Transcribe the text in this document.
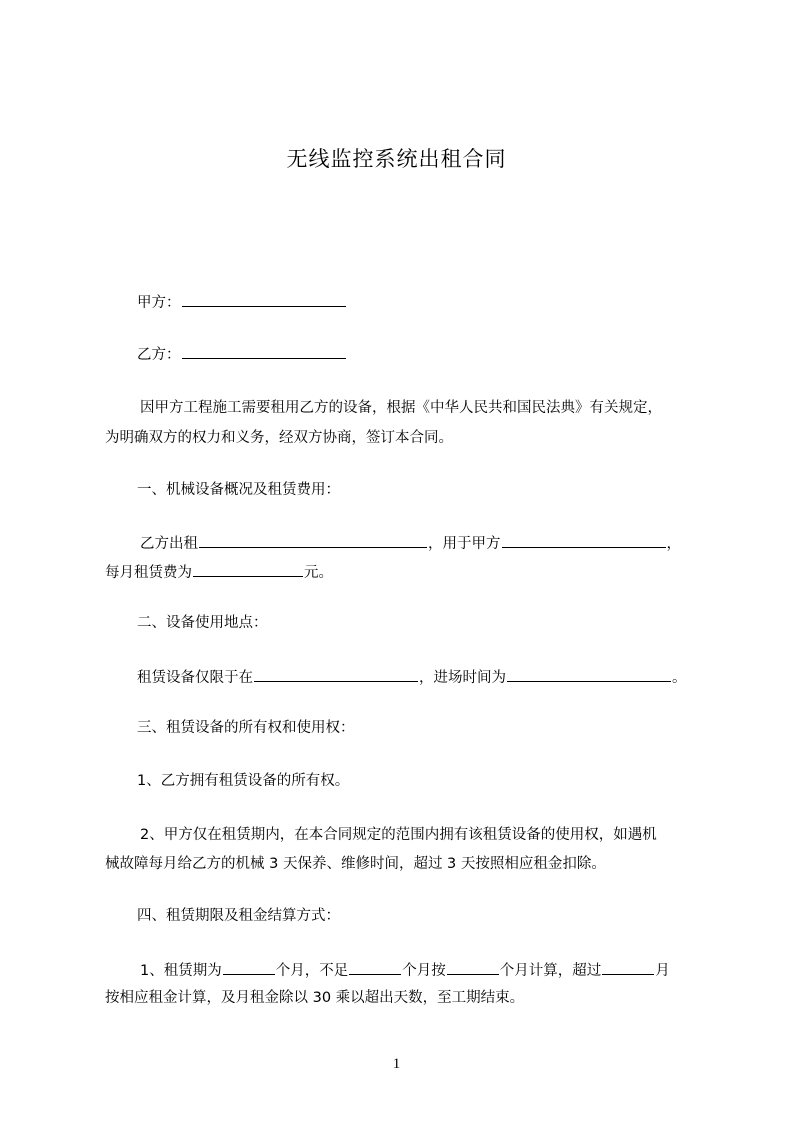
无线监控系统出租合同
甲方：
乙方：
因甲方工程施工需要租用乙方的设备，根据《中华人民共和国民法典》有关规定，
为明确双方的权力和义务，经双方协商，签订本合同。
一、机械设备概况及租赁费用：
乙方出租	，用于甲方	，
每月租赁费为	元。
二、设备使用地点：
租赁设备仅限于在	，进场时间为	。
三、租赁设备的所有权和使用权：
1、乙方拥有租赁设备的所有权。
2、甲方仅在租赁期内，在本合同规定的范围内拥有该租赁设备的使用权，如遇机
械故障每月给乙方的机械 3 天保养、维修时间，超过 3 天按照相应租金扣除。
四、租赁期限及租金结算方式：
1、租赁期为	个月，不足	个月按	个月计算，超过	月
按相应租金计算，及月租金除以 30 乘以超出天数，至工期结束。
1
